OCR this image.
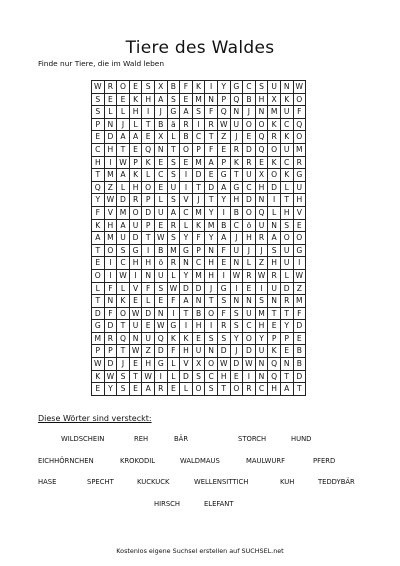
Tiere des Waldes
Finde nur Tiere, die im Wald leben
W	R	O	E	S	X	B	F	K	I	Y	G	C	S	U	N	W
S	E	E	K	H	A	S	E	M	N	P	Q	B	H	X	K	O
S	L	L	H	I	J	G	A	S	F	Q	N	J	N	M	U	F
P	N	J	L	T	B	ä	R	I	R	W	U	O	O	K	C	Q
E	D	A	A	E	X	L	B	C	T	Z	J	E	Q	R	K	O
C	H	T	E	Q	N	T	O	P	F	E	R	D	Q	O	U	M
H	I	W	P	K	E	S	E	M	A	P	K	R	E	K	C	R
T	M	A	K	L	C	S	I	D	E	G	T	U	X	O	K	G
Q	Z	L	H	O	E	U	I	T	D	A	G	C	H	D	L	U
Y	W	D	R	P	L	S	V	J	T	Y	H	D	N	I	T	H
F	V	M	O	D	U	A	C	M	Y	I	B	O	Q	L	H	V
K	H	A	U	P	E	R	L	K	M	B	C	ö	U	N	S	E
A	M	U	D	T	W	S	Y	F	Y	A	J	H	R	A	O	O
T	O	S	G	I	B	M	G	P	N	F	U	J	J	S	U	G
E	I	C	H	H	ö	R	N	C	H	E	N	L	Z	H	U	I
O	I	W	I	N	U	L	Y	M	H	I	W	R	W	R	L	W
L	F	L	V	F	S	W	D	D	J	G	I	E	I	U	D	Z
T	N	K	E	L	E	F	A	N	T	S	N	N	S	N	R	M
D	F	O	W	D	N	I	T	B	O	F	S	U	M	T	T	F
G	D	T	U	E	W	G	I	H	I	R	S	C	H	E	Y	D
M	R	Q	N	U	Q	K	K	E	S	S	Y	O	Y	P	P	E
P	P	T	W	Z	D	F	H	U	N	D	J	D	U	K	E	B
W	D	J	E	H	G	L	V	X	O	W	D	W	N	Q	N	B
K	W	S	T	W	I	L	D	S	C	H	E	I	N	Q	T	D
E	Y	S	E	A	R	E	L	O	S	T	O	R	C	H	A	T
Diese Wörter sind versteckt:
WILDSCHEIN	REH	BÄR	STORCH	HUND
EICHHÖRNCHEN	KROKODIL	WALDMAUS	MAULWURF	PFERD
HASE	SPECHT	KUCKUCK	WELLENSITTICH	KUH	TEDDYBÄR
HIRSCH	ELEFANT
Kostenlos eigene Suchsel erstellen auf SUCHSEL.net
